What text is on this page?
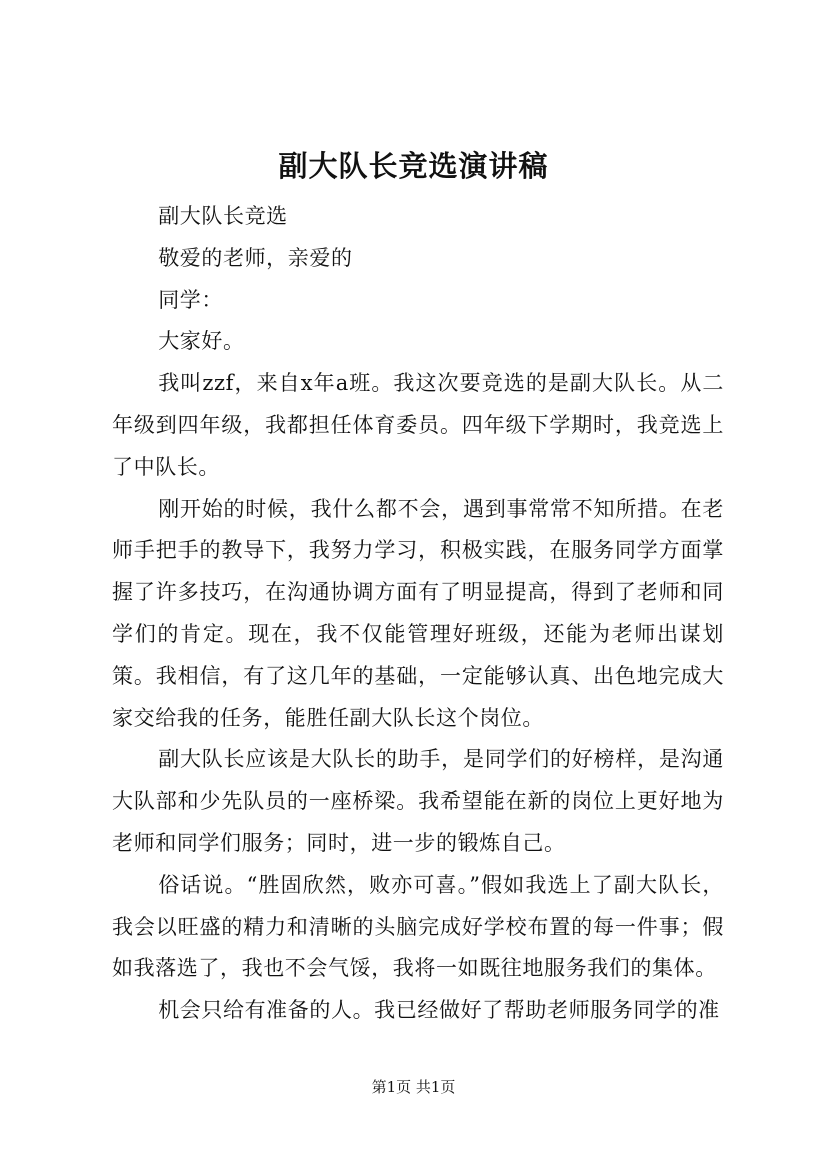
副大队长竞选演讲稿

副大队长竞选

敬爱的老师，亲爱的

同学：

大家好。

我叫zzf，来自x年a班。我这次要竞选的是副大队长。从二年级到四年级，我都担任体育委员。四年级下学期时，我竞选上了中队长。

刚开始的时候，我什么都不会，遇到事常常不知所措。在老师手把手的教导下，我努力学习，积极实践，在服务同学方面掌握了许多技巧，在沟通协调方面有了明显提高，得到了老师和同学们的肯定。现在，我不仅能管理好班级，还能为老师出谋划策。我相信，有了这几年的基础，一定能够认真、出色地完成大家交给我的任务，能胜任副大队长这个岗位。

副大队长应该是大队长的助手，是同学们的好榜样，是沟通大队部和少先队员的一座桥梁。我希望能在新的岗位上更好地为老师和同学们服务；同时，进一步的锻炼自己。

俗话说。“胜固欣然，败亦可喜。”假如我选上了副大队长，我会以旺盛的精力和清晰的头脑完成好学校布置的每一件事；假如我落选了，我也不会气馁，我将一如既往地服务我们的集体。

机会只给有准备的人。我已经做好了帮助老师服务同学的准

第1页 共1页
